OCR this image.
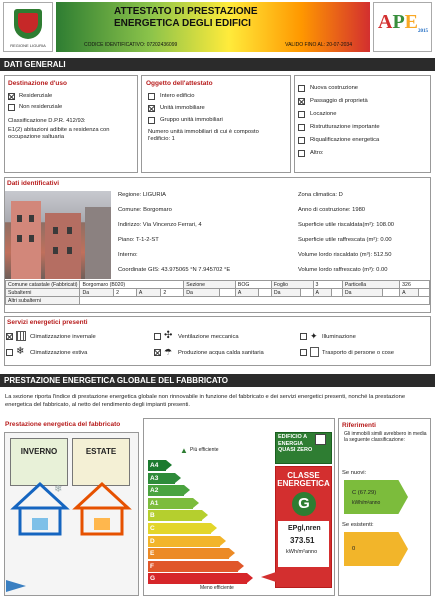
REGIONE LIGURIA
ATTESTATO DI PRESTAZIONE ENERGETICA DEGLI EDIFICI
CODICE IDENTIFICATIVO: 07202436099	VALIDO FINO AL: 20-07-2034
APE2015
DATI GENERALI
Destinazione d'uso
Residenziale
Non residenziale
Classificazione D.P.R. 412/93:
E1(2) abitazioni adibite a residenza con occupazione saltuaria
Oggetto dell'attestato
Intero edificio
Unità immobiliare
Gruppo unità immobiliari
Numero unità immobiliari di cui è composto l'edificio: 1
Nuova costruzione
Passaggio di proprietà
Locazione
Ristrutturazione importante
Riqualificazione energetica
Altro:
Dati identificativi
Regione: LIGURIA
Comune: Borgomaro
Indirizzo: Via Vincenzo Ferrari, 4
Piano: T-1-2-ST
Interno:
Coordinate GIS: 43.975065 °N 7.945702 °E
Zona climatica: D
Anno di costruzione: 1980
Superficie utile riscaldata(m²): 108.00
Superficie utile raffrescata (m²): 0.00
Volume lordo riscaldato (m³): 512.50
Volume lordo raffrescato (m³): 0.00
Comune catastale (Fabbricati)	Borgomaro (B020)				Sezione		BOG		Foglio		3		Particella		326	
Subalterni	Da	2	A	2	Da		A		Da		A		Da		A	
Altri subalterni																
Servizi energetici presenti
Climatizzazione invernale	✣ Ventilazione meccanica	✦ Illuminazione
❄ Climatizzazione estiva	☂ Produzione acqua calda sanitaria	Trasporto di persone o cose
PRESTAZIONE ENERGETICA GLOBALE DEL FABBRICATO
La sezione riporta l'indice di prestazione energetica globale non rinnovabile in funzione del fabbricato e dei servizi energetici presenti, nonché la prestazione energetica del fabbricato, al netto del rendimento degli impianti presenti.
Prestazione energetica del fabbricato
INVERNO	ESTATE
❄
Più efficiente
▲
A4
A3
A2
A1
B
C
D
E
F
G
Meno efficiente
EDIFICIO A ENERGIA QUASI ZERO
CLASSE ENERGETICA
G
EPgl,nren
373.51
kWh/m²anno
Riferimenti
Gli immobili simili avrebbero in media la seguente classificazione:
Se nuovi:
C (67.29)
kWh/m²anno
Se esistenti:
0
